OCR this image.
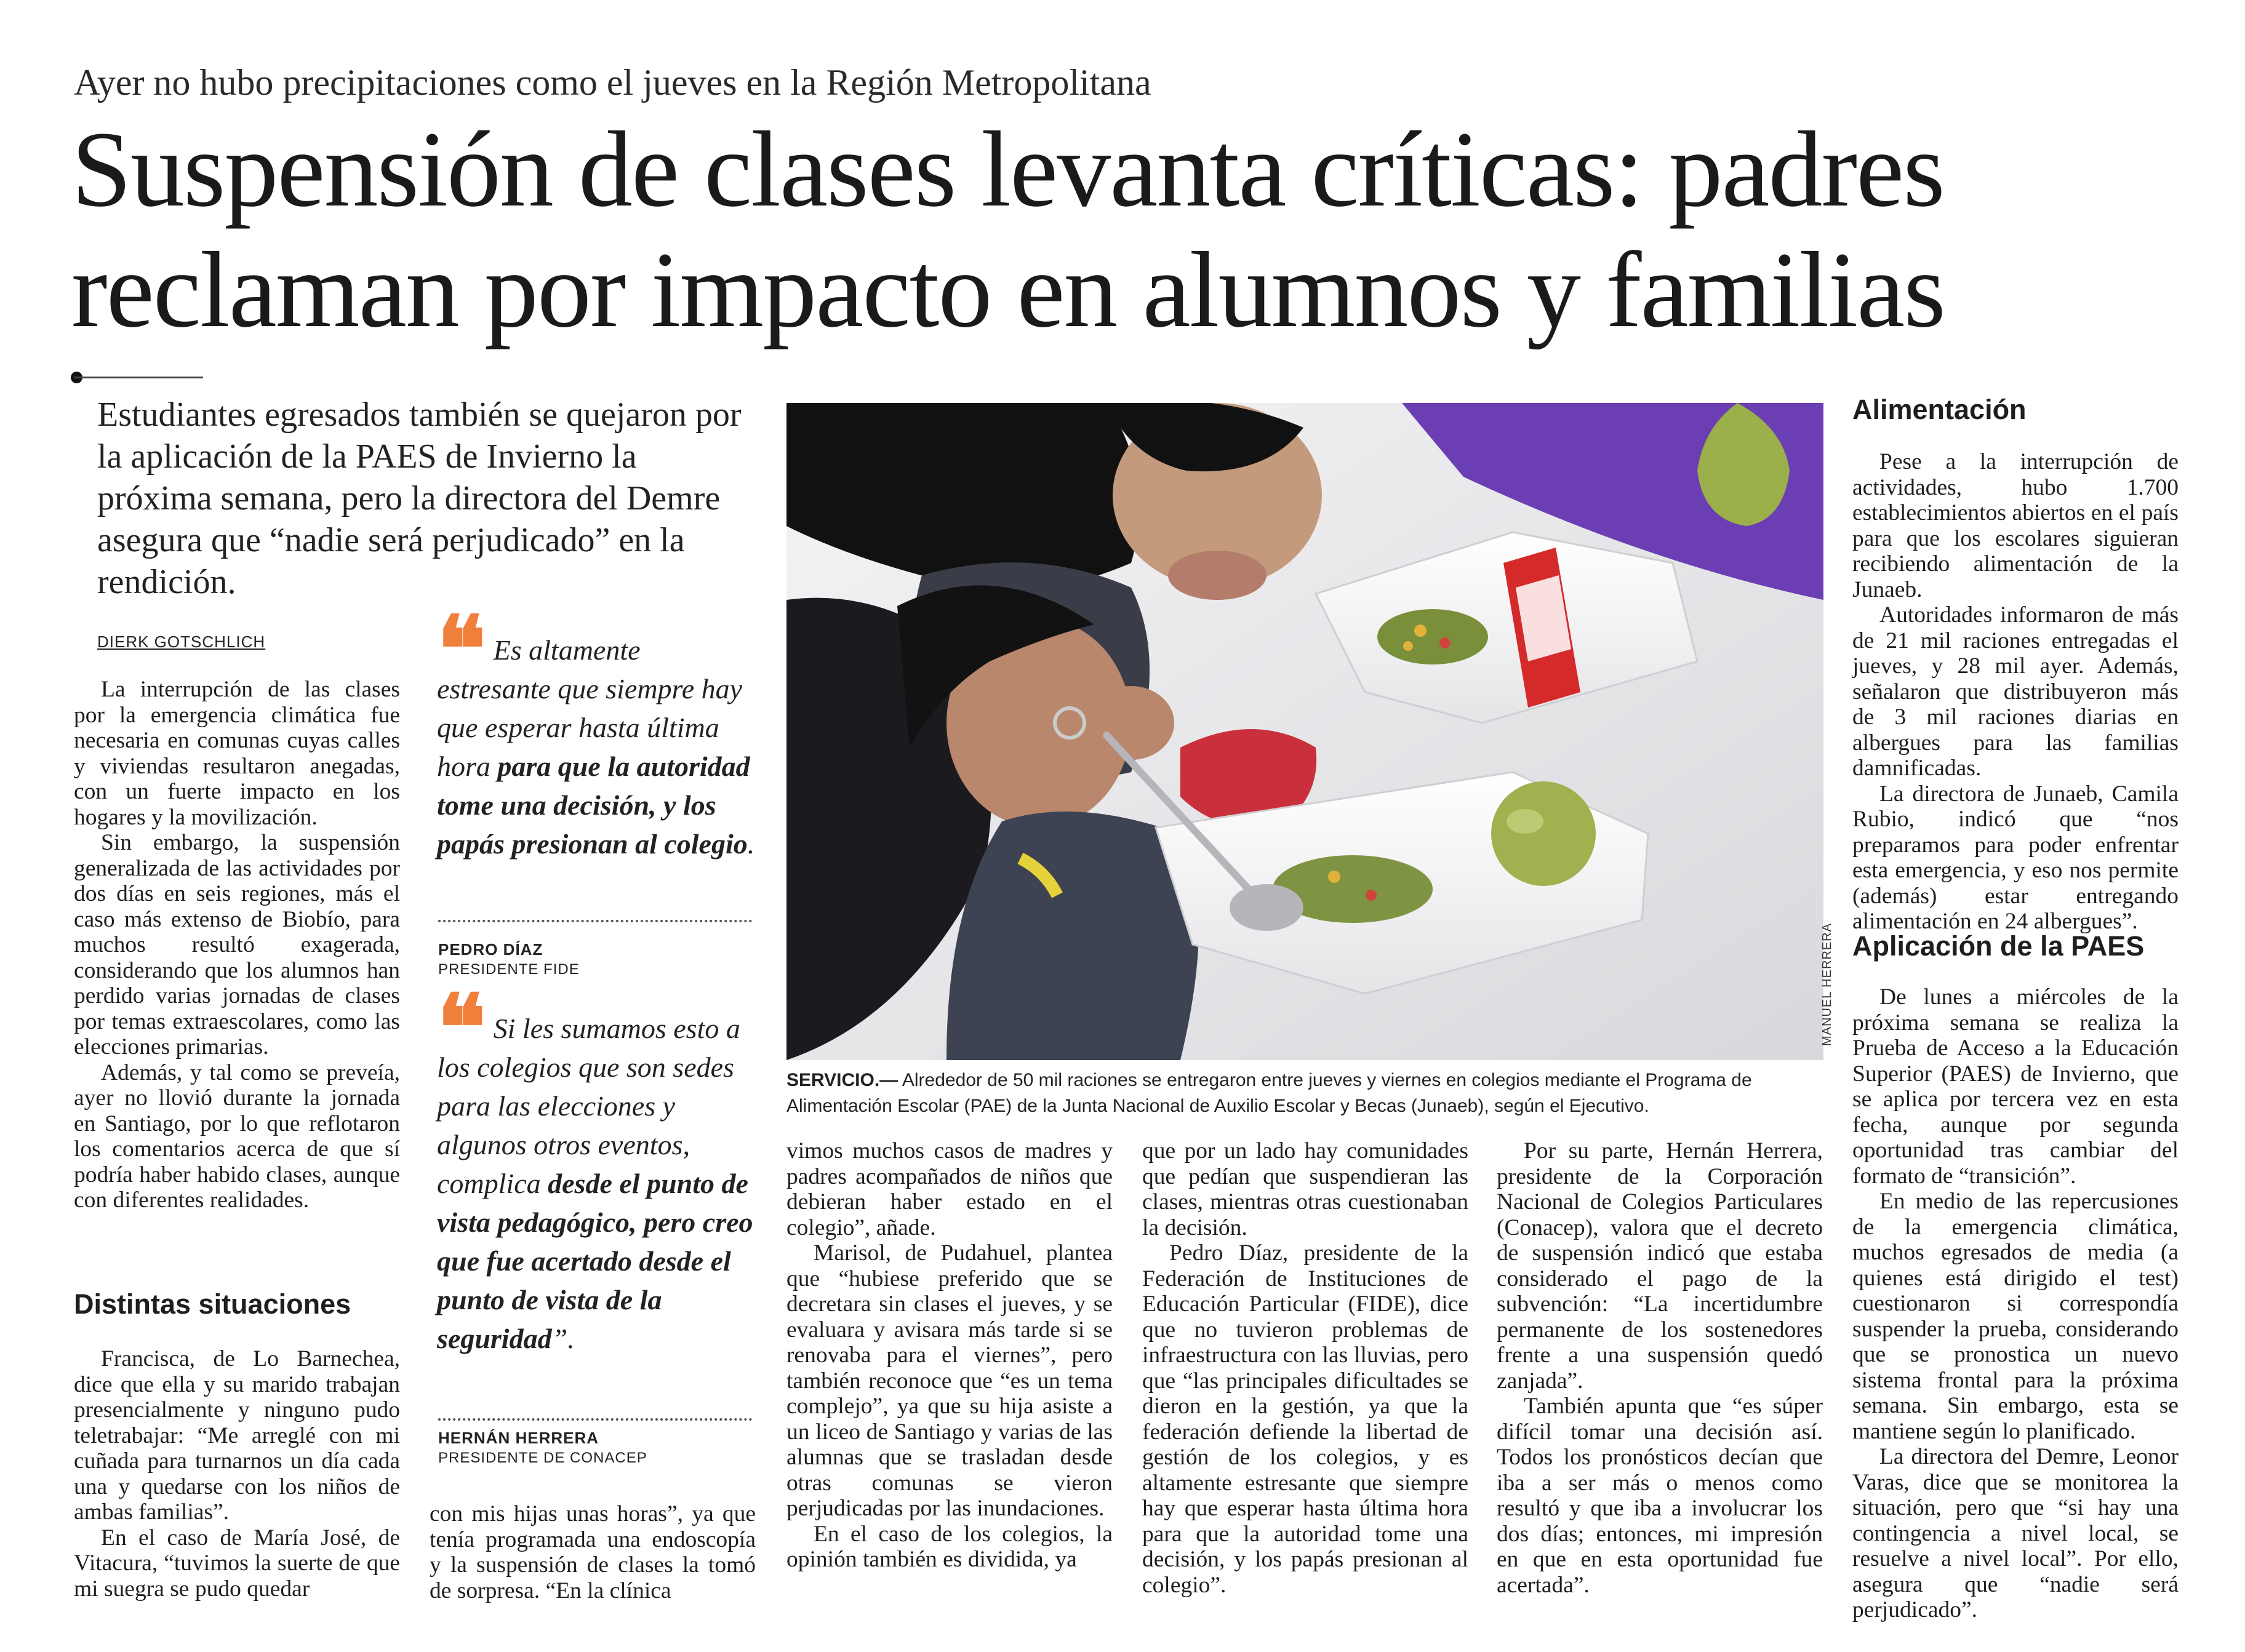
Ayer no hubo precipitaciones como el jueves en la Región Metropolitana
Suspensión de clases levanta críticas: padres reclaman por impacto en alumnos y familias
Estudiantes egresados también se quejaron por la aplicación de la PAES de Invierno la próxima semana, pero la directora del Demre asegura que “nadie será perjudicado” en la rendición.
DIERK GOTSCHLICH

La interrupción de las clases por la emergencia climática fue necesaria en comunas cuyas calles y viviendas resultaron anegadas, con un fuerte impacto en los hogares y la movilización.

Sin embargo, la suspensión generalizada de las actividades por dos días en seis regiones, más el caso más extenso de Biobío, para muchos resultó exagerada, considerando que los alumnos han perdido varias jornadas de clases por temas extraescolares, como las elecciones primarias.

Además, y tal como se preveía, ayer no llovió durante la jornada en Santiago, por lo que reflotaron los comentarios acerca de que sí podría haber habido clases, aunque con diferentes realidades.

Distintas situaciones

Francisca, de Lo Barnechea, dice que ella y su marido trabajan presencialmente y ninguno pudo teletrabajar: “Me arreglé con mi cuñada para turnarnos un día cada una y quedarse con los niños de ambas familias”.

En el caso de María José, de Vitacura, “tuvimos la suerte de que mi suegra se pudo quedar

❝ Es altamente estresante que siempre hay que esperar hasta última hora para que la autoridad tome una decisión, y los papás presionan al colegio.
PEDRO DÍAZ
PRESIDENTE FIDE
❝ Si les sumamos esto a los colegios que son sedes para las elecciones y algunos otros eventos, complica desde el punto de vista pedagógico, pero creo que fue acertado desde el punto de vista de la seguridad”.
HERNÁN HERRERA
PRESIDENTE DE CONACEP

con mis hijas unas horas”, ya que tenía programada una endoscopía y la suspensión de clases la tomó de sorpresa. “En la clínica

MANUEL HERRERA
SERVICIO.— Alrededor de 50 mil raciones se entregaron entre jueves y viernes en colegios mediante el Programa de Alimentación Escolar (PAE) de la Junta Nacional de Auxilio Escolar y Becas (Junaeb), según el Ejecutivo.

vimos muchos casos de madres y padres acompañados de niños que debieran haber estado en el colegio”, añade.

Marisol, de Pudahuel, plantea que “hubiese preferido que se decretara sin clases el jueves, y se evaluara y avisara más tarde si se renovaba para el viernes”, pero también reconoce que “es un tema complejo”, ya que su hija asiste a un liceo de Santiago y varias de las alumnas que se trasladan desde otras comunas se vieron perjudicadas por las inundaciones.

En el caso de los colegios, la opinión también es dividida, ya

que por un lado hay comunidades que pedían que suspendieran las clases, mientras otras cuestionaban la decisión.

Pedro Díaz, presidente de la Federación de Instituciones de Educación Particular (FIDE), dice que no tuvieron problemas de infraestructura con las lluvias, pero que “las principales dificultades se dieron en la gestión, ya que la federación defiende la libertad de gestión de los colegios, y es altamente estresante que siempre hay que esperar hasta última hora para que la autoridad tome una decisión, y los papás presionan al colegio”.

Por su parte, Hernán Herrera, presidente de la Corporación Nacional de Colegios Particulares (Conacep), valora que el decreto de suspensión indicó que estaba considerado el pago de la subvención: “La incertidumbre permanente de los sostenedores frente a una suspensión quedó zanjada”.

También apunta que “es súper difícil tomar una decisión así. Todos los pronósticos decían que iba a ser más o menos como resultó y que iba a involucrar los dos días; entonces, mi impresión en que en esta oportunidad fue acertada”.

Alimentación

Pese a la interrupción de actividades, hubo 1.700 establecimientos abiertos en el país para que los escolares siguieran recibiendo alimentación de la Junaeb.

Autoridades informaron de más de 21 mil raciones entregadas el jueves, y 28 mil ayer. Además, señalaron que distribuyeron más de 3 mil raciones diarias en albergues para las familias damnificadas.

La directora de Junaeb, Camila Rubio, indicó que “nos preparamos para poder enfrentar esta emergencia, y eso nos permite (además) estar entregando alimentación en 24 albergues”.

Aplicación de la PAES

De lunes a miércoles de la próxima semana se realiza la Prueba de Acceso a la Educación Superior (PAES) de Invierno, que se aplica por tercera vez en esta fecha, aunque por segunda oportunidad tras cambiar del formato de “transición”.

En medio de las repercusiones de la emergencia climática, muchos egresados de media (a quienes está dirigido el test) cuestionaron si correspondía suspender la prueba, considerando que se pronostica un nuevo sistema frontal para la próxima semana. Sin embargo, esta se mantiene según lo planificado.

La directora del Demre, Leonor Varas, dice que se monitorea la situación, pero que “si hay una contingencia a nivel local, se resuelve a nivel local”. Por ello, asegura que “nadie será perjudicado”.
